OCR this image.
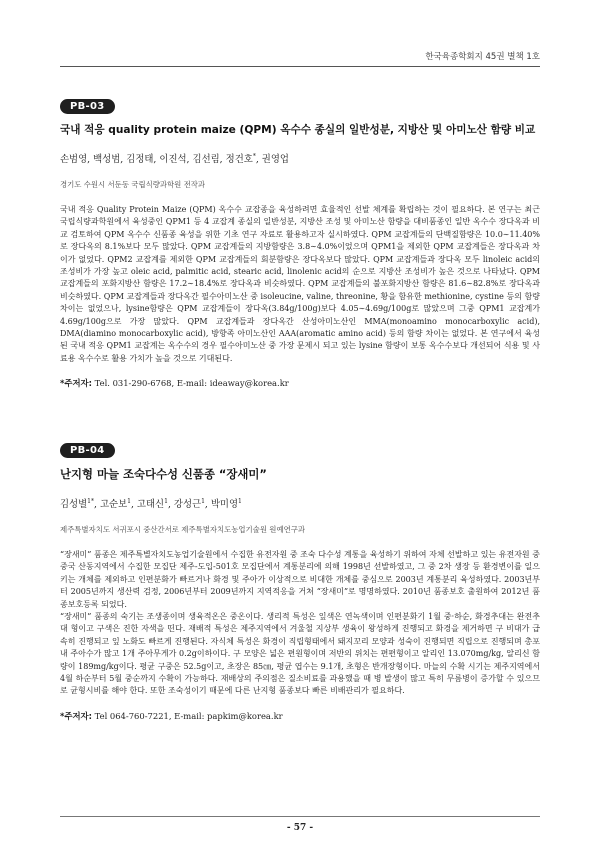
한국육종학회지 45권 별책 1호
PB-03
국내 적응 quality protein maize (QPM) 옥수수 종실의 일반성분, 지방산 및 아미노산 함량 비교
손범영, 백성범, 김정태, 이진석, 김선림, 정건호*, 권영업
경기도 수원시 서둔동 국립식량과학원 전작과

국내 적응 Quality Protein Maize (QPM) 옥수수 교잡종을 육성하려면 효율적인 선발 체계를 확립하는 것이 필요하다. 본 연구는 최근 국립식량과학원에서 육성중인 QPM1 등 4 교잡계 종실의 일반성분, 지방산 조성 및 아미노산 함량을 대비품종인 일반 옥수수 장다옥과 비교 검토하여 QPM 옥수수 신품종 육성을 위한 기초 연구 자료로 활용하고자 실시하였다. QPM 교잡계들의 단백질함량은 10.0∼11.40%로 장다옥의 8.1%보다 모두 많았다. QPM 교잡계들의 지방함량은 3.8∼4.0%이었으며 QPM1을 제외한 QPM 교잡계들은 장다옥과 차이가 없었다. QPM2 교잡계를 제외한 QPM 교잡계들의 회분함량은 장다옥보다 많았다. QPM 교잡계들과 장다옥 모두 linoleic acid의 조성비가 가장 높고 oleic acid, palmitic acid, stearic acid, linolenic acid의 순으로 지방산 조성비가 높은 것으로 나타났다. QPM 교잡계들의 포화지방산 함량은 17.2∼18.4%로 장다옥과 비슷하였다. QPM 교잡계들의 불포화지방산 함량은 81.6∼82.8%로 장다옥과 비슷하였다. QPM 교잡계들과 장다옥간 필수아미노산 중 isoleucine, valine, threonine, 황을 함유한 methionine, cystine 등의 함량 차이는 없었으나, lysine함량은 QPM 교잡계들이 장다옥(3.84g/100g)보다 4.05∼4.69g/100g로 많았으며 그중 QPM1 교잡계가 4.69g/100g으로 가장 많았다. QPM 교잡계들과 장다옥간 산성아미노산인 MMA(monoamino monocarboxylic acid), DMA(diamino monocarboxylic acid), 방향족 아미노산인 AAA(aromatic amino acid) 등의 함량 차이는 없었다. 본 연구에서 육성된 국내 적응 QPM1 교잡계는 옥수수의 경우 필수아미노산 중 가장 문제시 되고 있는 lysine 함량이 보통 옥수수보다 개선되어 식용 및 사료용 옥수수로 활용 가치가 높을 것으로 기대된다.

*주저자: Tel. 031-290-6768, E-mail: ideaway@korea.kr
PB-04
난지형 마늘 조숙다수성 신품종 “장새미”
김성별$^{1*}$, 고순보$^1$, 고태신$^1$, 강성근$^1$, 박미영$^1$
제주특별자치도 서귀포시 중산간서로 제주특별자치도농업기술원 원예연구과

“장새미” 품종은 제주특별자치도농업기술원에서 수집한 유전자원 중 조숙 다수성 계통을 육성하기 위하여 자체 선발하고 있는 유전자원 중 중국 산동지역에서 수집한 모집단 제주-도입-501호 모집단에서 계통분리에 의해 1998년 선발하였고, 그 중 2차 생장 등 환경변이를 일으키는 개체를 제외하고 인편분화가 빠르거나 화경 및 주아가 이상적으로 비대한 개체를 중심으로 2003년 계통분리 육성하였다. 2003년부터 2005년까지 생산력 검정, 2006년부터 2009년까지 지역적응을 거쳐 “장새미”로 명명하였다. 2010년 품종보호 출원하여 2012년 품종보호등록 되었다.

“장새미” 품종의 숙기는 조생종이며 생육적온은 중온이다. 생리적 특성은 잎색은 연녹색이며 인편분화기 1월 중·하순, 화경추대는 완전추대 형이고 구색은 진한 자색을 띤다. 재배적 특성은 제주지역에서 겨울철 지상부 생육이 왕성하게 진행되고 화경을 제거하면 구 비대가 급속히 진행되고 잎 노화도 빠르게 진행된다. 자식체 특성은 화경이 직립형태에서 돼지꼬리 모양과 성숙이 진행되면 직립으로 진행되며 총포내 주아수가 많고 1개 주아무게가 0.2g이하이다. 구 모양은 넓은 편원형이며 저반의 위치는 편편형이고 알리인 13.070mg/kg, 알리신 함량이 189mg/kg이다. 평균 구중은 52.5g이고, 초장은 85㎝, 평균 엽수는 9.1개, 초형은 반개장형이다. 마늘의 수확 시기는 제주지역에서 4월 하순부터 5월 중순까지 수확이 가능하다. 재배상의 주의점은 질소비료를 과용했을 때 병 발생이 많고 특히 무름병이 증가할 수 있으므로 균형시비를 해야 한다. 또한 조숙성이기 때문에 다른 난지형 품종보다 빠른 비배관리가 필요하다.

*주저자: Tel 064-760-7221, E-mail: papkim@korea.kr
- 57 -
